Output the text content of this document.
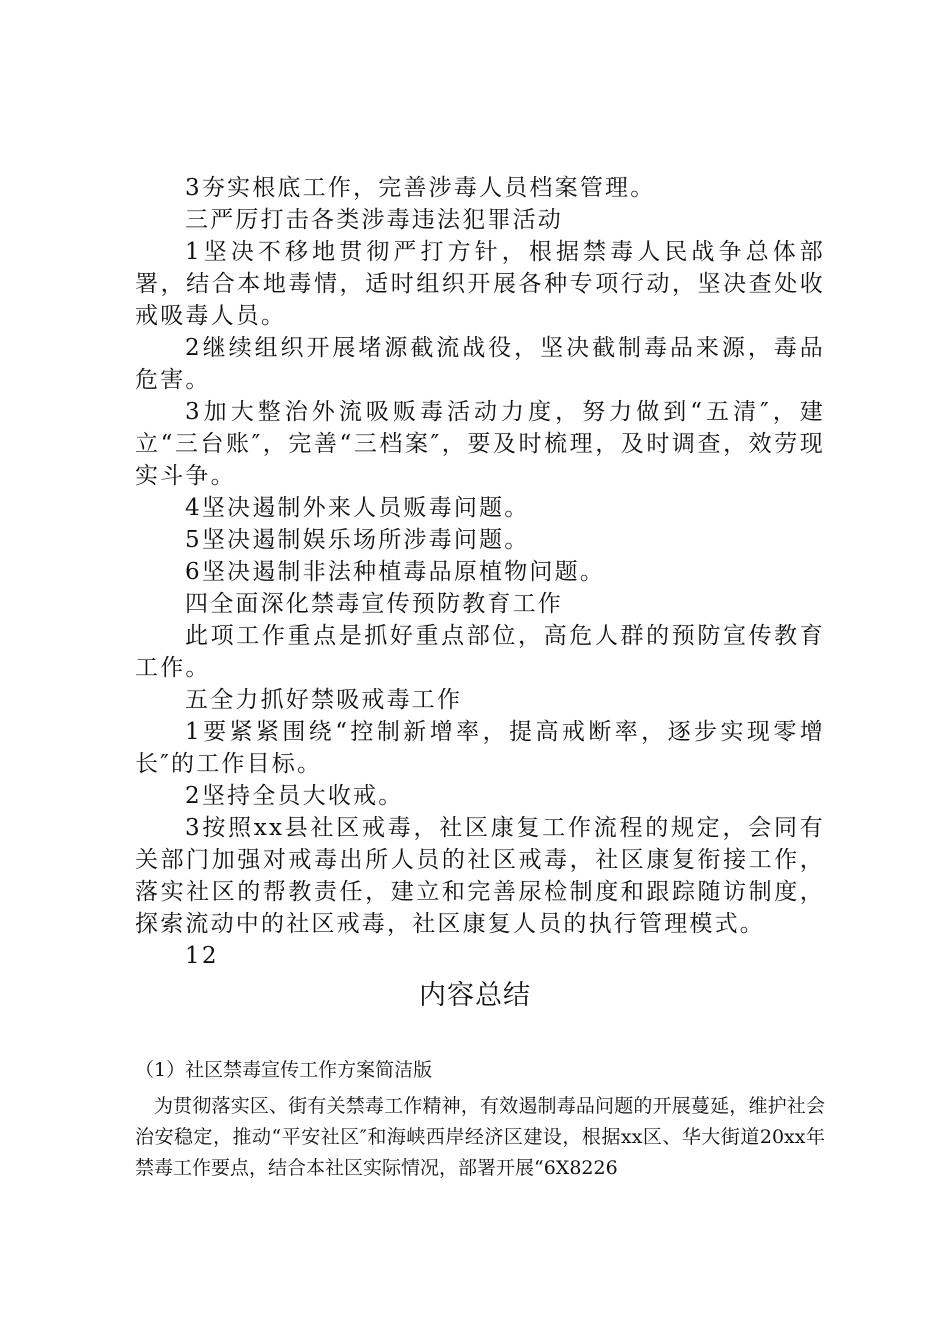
3夯实根底工作，完善涉毒人员档案管理。

三严厉打击各类涉毒违法犯罪活动

1坚决不移地贯彻严打方针，根据禁毒人民战争总体部署，结合本地毒情，适时组织开展各种专项行动，坚决查处收戒吸毒人员。

2继续组织开展堵源截流战役，坚决截制毒品来源，毒品危害。

3加大整治外流吸贩毒活动力度，努力做到“五清″，建立“三台账″，完善“三档案″，要及时梳理，及时调查，效劳现实斗争。

4坚决遏制外来人员贩毒问题。

5坚决遏制娱乐场所涉毒问题。

6坚决遏制非法种植毒品原植物问题。

四全面深化禁毒宣传预防教育工作

此项工作重点是抓好重点部位，高危人群的预防宣传教育工作。

五全力抓好禁吸戒毒工作

1要紧紧围绕“控制新增率，提高戒断率，逐步实现零增长″的工作目标。

2坚持全员大收戒。

3按照xx县社区戒毒，社区康复工作流程的规定，会同有关部门加强对戒毒出所人员的社区戒毒，社区康复衔接工作，落实社区的帮教责任，建立和完善尿检制度和跟踪随访制度，探索流动中的社区戒毒，社区康复人员的执行管理模式。

12

内容总结

（1）社区禁毒宣传工作方案简洁版

为贯彻落实区、街有关禁毒工作精神，有效遏制毒品问题的开展蔓延，维护社会治安稳定，推动“平安社区″和海峡西岸经济区建设，根据xx区、华大街道20xx年禁毒工作要点，结合本社区实际情况，部署开展“6X8226
